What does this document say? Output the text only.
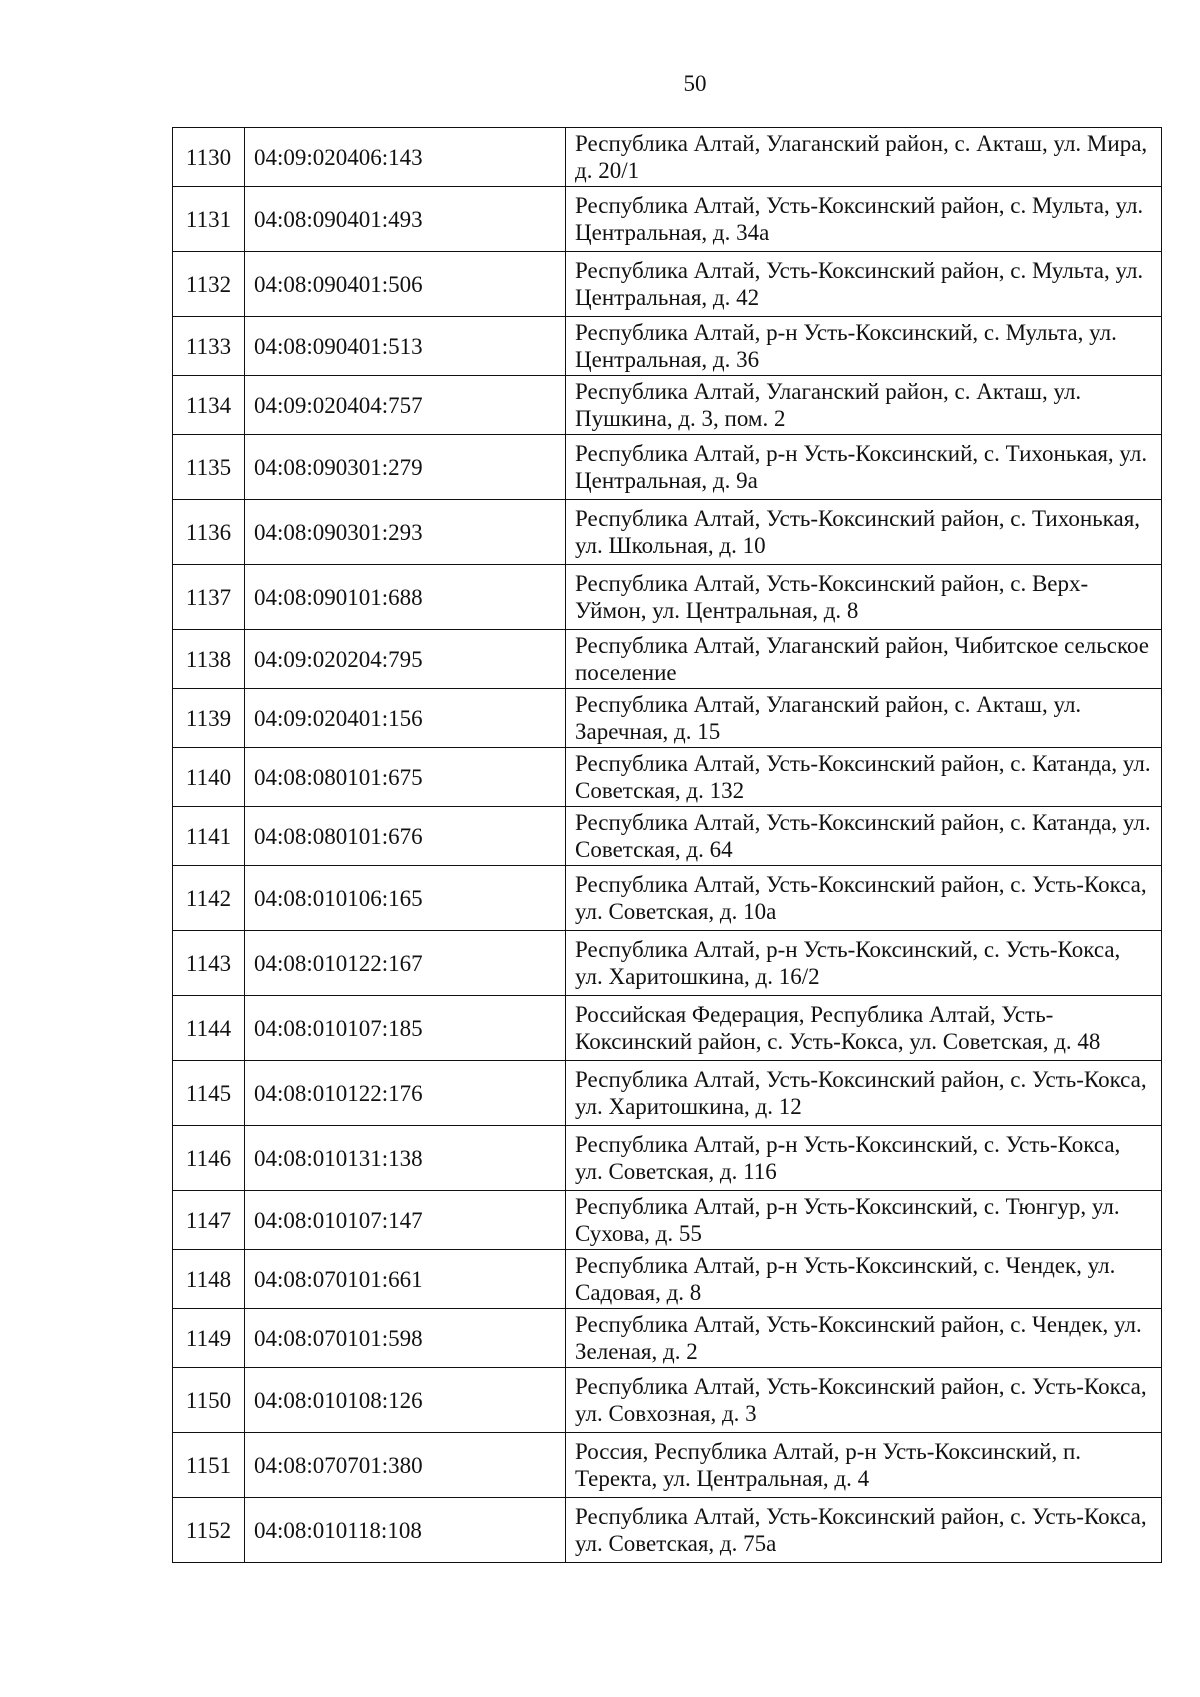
50
1130	04:09:020406:143	Республика Алтай, Улаганский район, с. Акташ, ул. Мира, д. 20/1
1131	04:08:090401:493	Республика Алтай, Усть-Коксинский район, с. Мульта, ул. Центральная, д. 34а
1132	04:08:090401:506	Республика Алтай, Усть-Коксинский район, с. Мульта, ул. Центральная, д. 42
1133	04:08:090401:513	Республика Алтай, р-н Усть-Коксинский, с. Мульта, ул. Центральная, д. 36
1134	04:09:020404:757	Республика Алтай, Улаганский район, с. Акташ, ул. Пушкина, д. 3, пом. 2
1135	04:08:090301:279	Республика Алтай, р-н Усть-Коксинский, с. Тихонькая, ул. Центральная, д. 9а
1136	04:08:090301:293	Республика Алтай, Усть-Коксинский район, с. Тихонькая, ул. Школьная, д. 10
1137	04:08:090101:688	Республика Алтай, Усть-Коксинский район, с. Верх-Уймон, ул. Центральная, д. 8
1138	04:09:020204:795	Республика Алтай, Улаганский район, Чибитское сельское поселение
1139	04:09:020401:156	Республика Алтай, Улаганский район, с. Акташ, ул. Заречная, д. 15
1140	04:08:080101:675	Республика Алтай, Усть-Коксинский район, с. Катанда, ул. Советская, д. 132
1141	04:08:080101:676	Республика Алтай, Усть-Коксинский район, с. Катанда, ул. Советская, д. 64
1142	04:08:010106:165	Республика Алтай, Усть-Коксинский район, с. Усть-Кокса, ул. Советская, д. 10а
1143	04:08:010122:167	Республика Алтай, р-н Усть-Коксинский, с. Усть-Кокса, ул. Харитошкина, д. 16/2
1144	04:08:010107:185	Российская Федерация, Республика Алтай, Усть-Коксинский район, с. Усть-Кокса, ул. Советская, д. 48
1145	04:08:010122:176	Республика Алтай, Усть-Коксинский район, с. Усть-Кокса, ул. Харитошкина, д. 12
1146	04:08:010131:138	Республика Алтай, р-н Усть-Коксинский, с. Усть-Кокса, ул. Советская, д. 116
1147	04:08:010107:147	Республика Алтай, р-н Усть-Коксинский, с. Тюнгур, ул. Сухова, д. 55
1148	04:08:070101:661	Республика Алтай, р-н Усть-Коксинский, с. Чендек, ул. Садовая, д. 8
1149	04:08:070101:598	Республика Алтай, Усть-Коксинский район, с. Чендек, ул. Зеленая, д. 2
1150	04:08:010108:126	Республика Алтай, Усть-Коксинский район, с. Усть-Кокса, ул. Совхозная, д. 3
1151	04:08:070701:380	Россия, Республика Алтай, р-н Усть-Коксинский, п. Теректа, ул. Центральная, д. 4
1152	04:08:010118:108	Республика Алтай, Усть-Коксинский район, с. Усть-Кокса, ул. Советская, д. 75а
